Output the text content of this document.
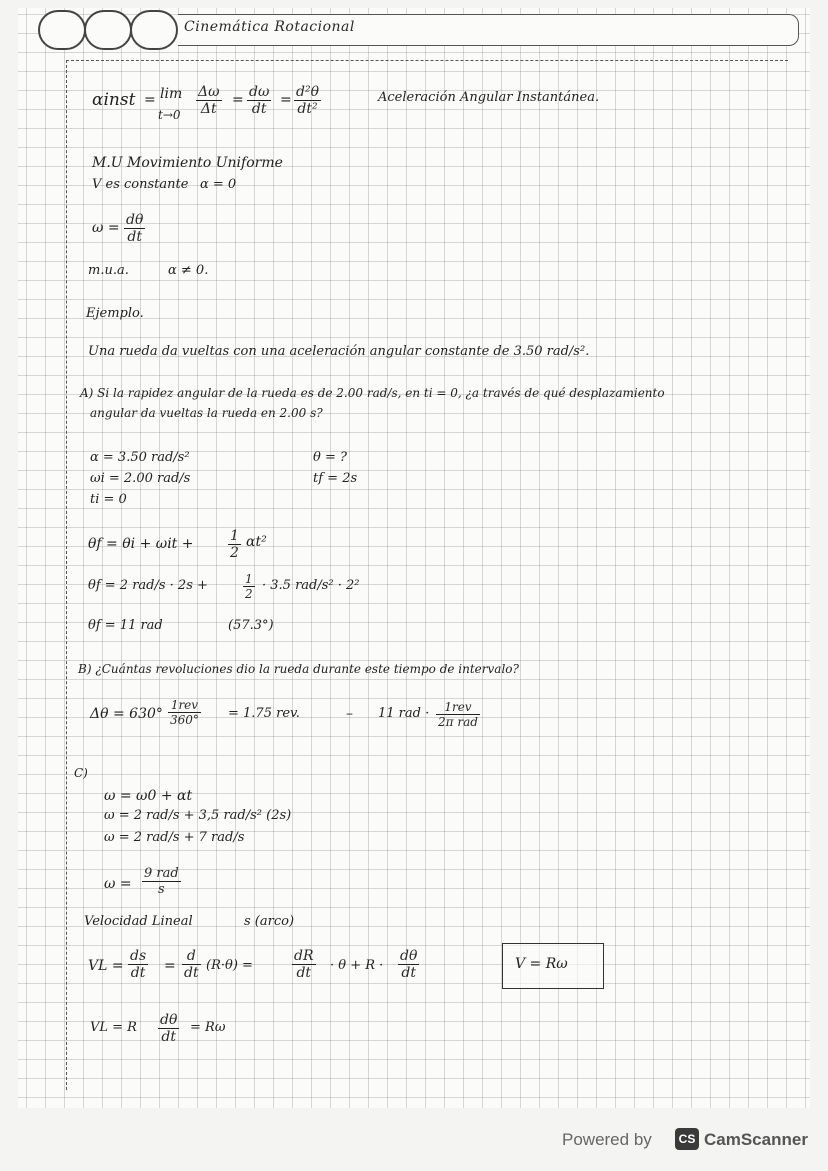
Cinemática Rotacional
αinst = lim
$t\to 0 \frac{\Delta\omega}{\Delta t} = \frac{d\omega}{dt} = \frac{\text{d²θ}}{\text{dt²}}$	Aceleración Angular Instantánea.
M.U Movimiento Uniforme
V es constante α = 0
$\omega = \frac{d\theta}{dt}$
m.u.a.	α ≠ 0.
Ejemplo.
Una rueda da vueltas con una aceleración angular constante de 3.50 rad/s².
A) Si la rapidez angular de la rueda es de 2.00 rad/s, en ti = 0, ¿a través de qué desplazamiento
angular da vueltas la rueda en 2.00 s?
α = 3.50 rad/s²
ωi = 2.00 rad/s
ti = 0
θ = ?
tf = 2s
$\theta f = \theta i + \omega it + \frac{1}{2} \alpha t^2$
θf = 2 rad/s · 2s +	$\frac{1}{2} \cdot 3.5$ rad/s² · 2²
θf = 11 rad	(57.3°)
B) ¿Cuántas revoluciones dio la rueda durante este tiempo de intervalo?
Δθ = 630°
1rev
360° = 1.75 rev.	– 11 rad ·	1rev
2π rad
C)
ω = ω0 + αt
ω = 2 rad/s + 3,5 rad/s² (2s)
ω = 2 rad/s + 7 rad/s
ω =
9 rad
s
Velocidad Lineal	s (arco)
VL = $\frac{ds}{dt} = \frac{d}{dt} (R\cdot\theta)$ =	$\frac{dR}{dt} \cdot \theta + R \cdot \frac{d\theta}{dt}$	V = Rω
VL = R $\frac{d\theta}{dt} = R\omega$
Powered by	CS CamScanner
